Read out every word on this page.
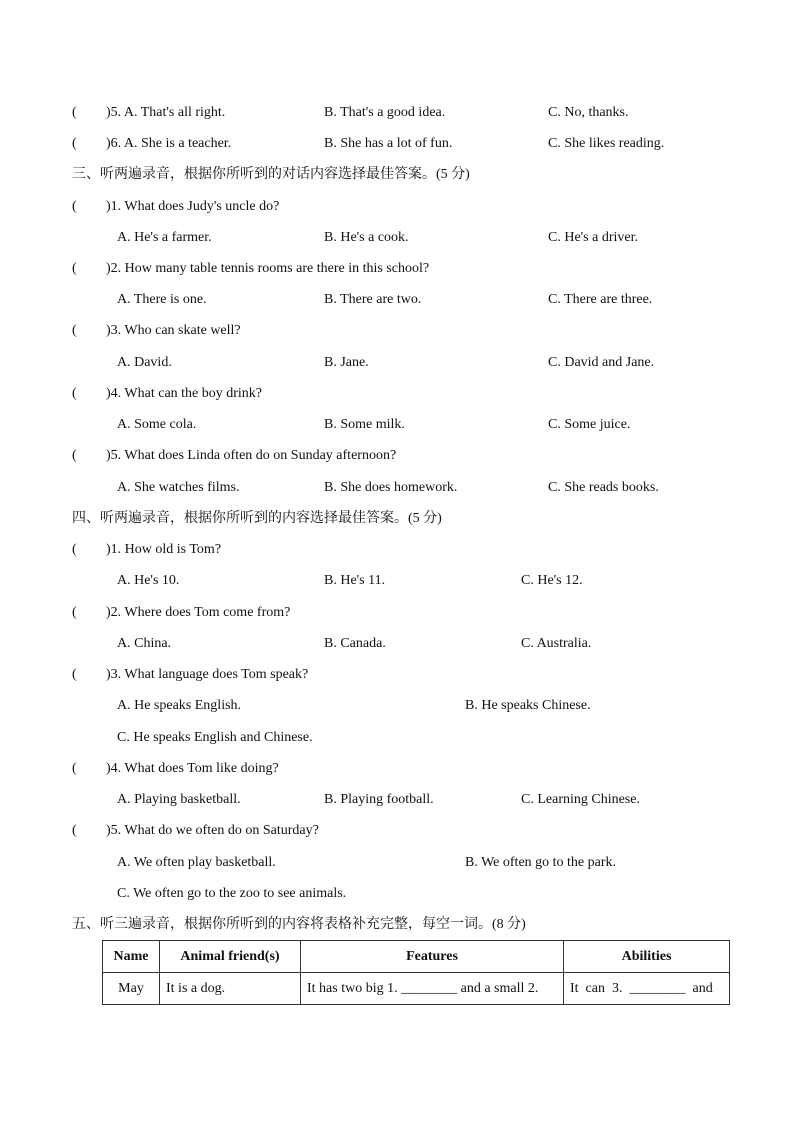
( )5. A. That's all right.	B. That's a good idea.	C. No, thanks.
( )6. A. She is a teacher.	B. She has a lot of fun.	C. She likes reading.
三、听两遍录音，根据你所听到的对话内容选择最佳答案。(5 分)
( )1. What does Judy's uncle do?
A. He's a farmer.	B. He's a cook.	C. He's a driver.
( )2. How many table tennis rooms are there in this school?
A. There is one.	B. There are two.	C. There are three.
( )3. Who can skate well?
A. David.	B. Jane.	C. David and Jane.
( )4. What can the boy drink?
A. Some cola.	B. Some milk.	C. Some juice.
( )5. What does Linda often do on Sunday afternoon?
A. She watches films.	B. She does homework.	C. She reads books.
四、听两遍录音，根据你所听到的内容选择最佳答案。(5 分)
( )1. How old is Tom?
A. He's 10.	B. He's 11.	C. He's 12.
( )2. Where does Tom come from?
A. China.	B. Canada.	C. Australia.
( )3. What language does Tom speak?
A. He speaks English.	B. He speaks Chinese.
C. He speaks English and Chinese.
( )4. What does Tom like doing?
A. Playing basketball.	B. Playing football.	C. Learning Chinese.
( )5. What do we often do on Saturday?
A. We often play basketball.	B. We often go to the park.
C. We often go to the zoo to see animals.
五、听三遍录音，根据你所听到的内容将表格补充完整，每空一词。(8 分)
Name	Animal friend(s)	Features	Abilities
May	It is a dog.	It has two big 1. ________ and a small 2.	It  can  3.  ________  and
